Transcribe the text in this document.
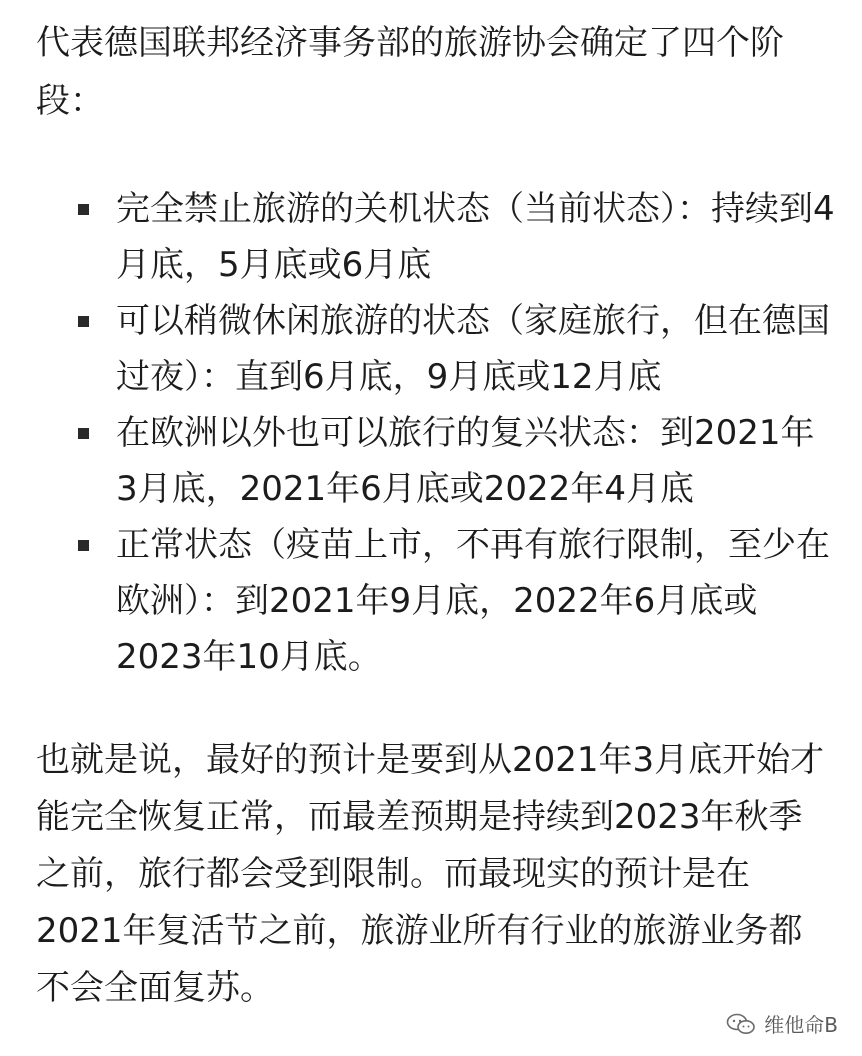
代表德国联邦经济事务部的旅游协会确定了四个阶段：

完全禁止旅游的关机状态（当前状态）：持续到4月底，5月底或6月底
可以稍微休闲旅游的状态（家庭旅行，但在德国过夜）：直到6月底，9月底或12月底
在欧洲以外也可以旅行的复兴状态：到2021年3月底，2021年6月底或2022年4月底
正常状态（疫苗上市，不再有旅行限制，至少在欧洲）：到2021年9月底，2022年6月底或2023年10月底。

也就是说，最好的预计是要到从2021年3月底开始才能完全恢复正常，而最差预期是持续到2023年秋季之前，旅行都会受到限制。而最现实的预计是在2021年复活节之前，旅游业所有行业的旅游业务都不会全面复苏。

维他命B
